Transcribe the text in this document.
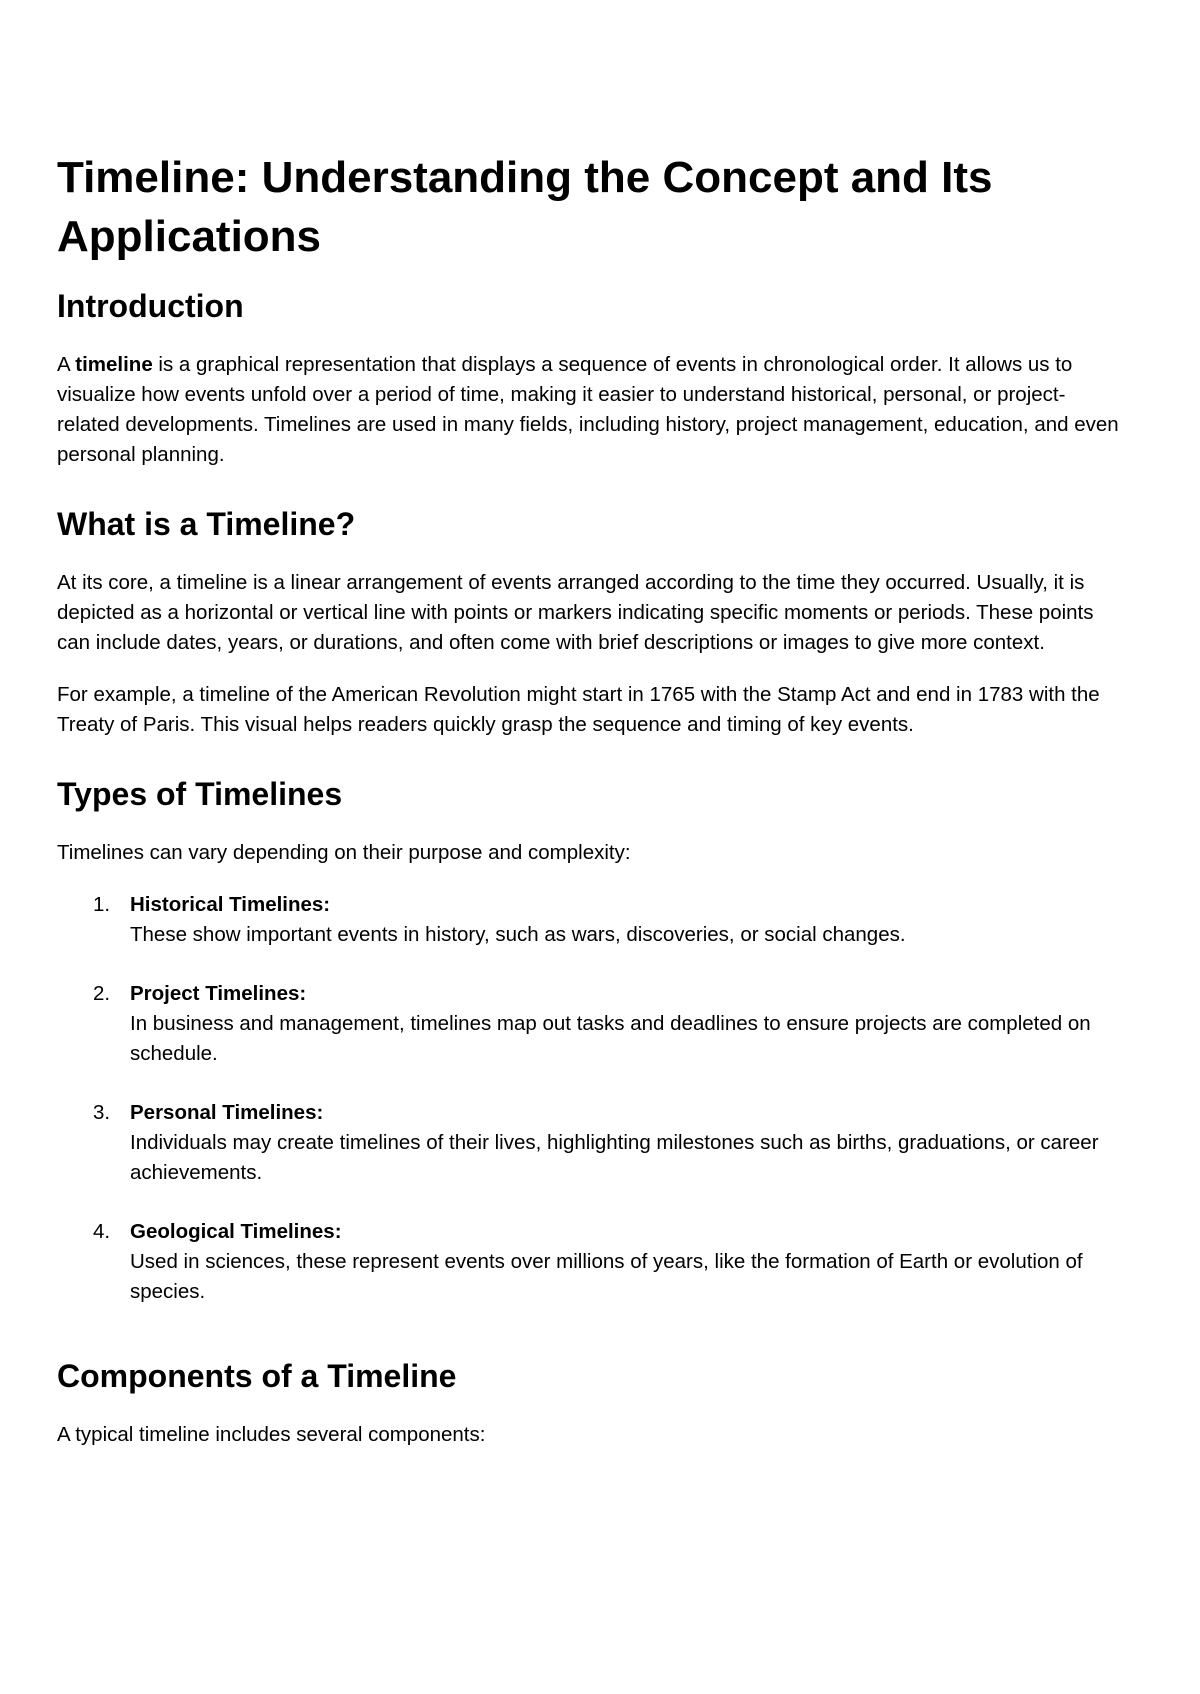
Timeline: Understanding the Concept and Its Applications
Introduction

A timeline is a graphical representation that displays a sequence of events in chronological order. It allows us to visualize how events unfold over a period of time, making it easier to understand historical, personal, or project-related developments. Timelines are used in many fields, including history, project management, education, and even personal planning.

What is a Timeline?

At its core, a timeline is a linear arrangement of events arranged according to the time they occurred. Usually, it is depicted as a horizontal or vertical line with points or markers indicating specific moments or periods. These points can include dates, years, or durations, and often come with brief descriptions or images to give more context.

For example, a timeline of the American Revolution might start in 1765 with the Stamp Act and end in 1783 with the Treaty of Paris. This visual helps readers quickly grasp the sequence and timing of key events.

Types of Timelines

Timelines can vary depending on their purpose and complexity:

1. Historical Timelines:
These show important events in history, such as wars, discoveries, or social changes.
2. Project Timelines:
In business and management, timelines map out tasks and deadlines to ensure projects are completed on schedule.
3. Personal Timelines:
Individuals may create timelines of their lives, highlighting milestones such as births, graduations, or career achievements.
4. Geological Timelines:
Used in sciences, these represent events over millions of years, like the formation of Earth or evolution of species.
Components of a Timeline

A typical timeline includes several components:
